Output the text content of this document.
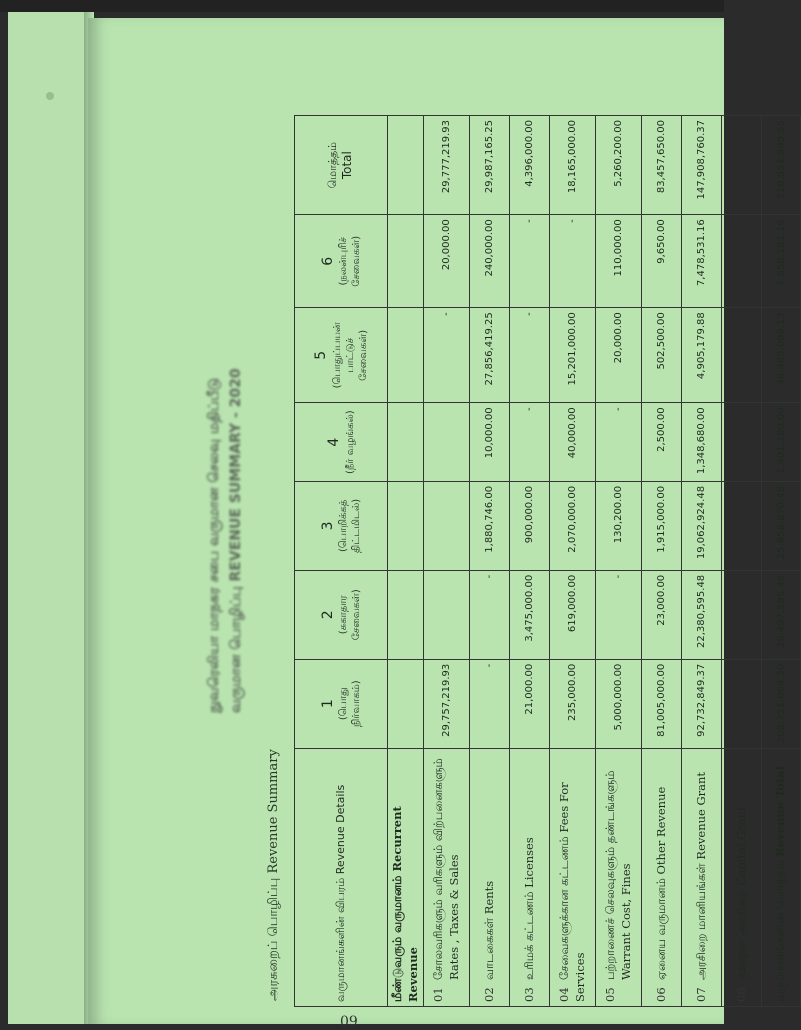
நுவரெலியா மாநகர சபை வருமான செலவு மதிப்பீடு வருமான பொழிப்பு REVENUE SUMMARY - 2020
அரசுறைப் பொழிப்பு Revenue Summary	வருமானங்களின் விபரம் Revenue Details	1 (பொது நிர்வாகம்)	2 (சுகாதார சேவைகள்)	3 (பொறிக்கத் திட்டமிடல்)	4 (நீர் வழங்கல்)	5 (பொதுப்பயன் பாட்டுச் சேவைகள்)	6 (நலன்புரிச் சேவைகள்)	மொத்தம் Total
மீண்டுவரும் வருமானம் Recurrent Revenue							
01சோலவரிகளும் வரிகளும் விற்பனைகளும் Rates , Taxes & Sales	29,757,219.93				-	20,000.00	29,777,219.93
02வாடகைகள் Rents	-	-	1,880,746.00	10,000.00	27,856,419.25	240,000.00	29,987,165.25
03உரிமக் கட்டணம் Licenses	21,000.00	3,475,000.00	900,000.00	-	-	-	4,396,000.00
04சேவைகளுக்கான கட்டணம் Fees For Services	235,000.00	619,000.00	2,070,000.00	40,000.00	15,201,000.00	-	18,165,000.00
05பற்றாணைச் செலவுகளும் தண்டங்களும் Warrant Cost, Fines	5,000,000.00	-	130,200.00	-	20,000.00	110,000.00	5,260,200.00
06ஏனைய வருமானம் Other Revenue	81,005,000.00	23,000.00	1,915,000.00	2,500.00	502,500.00	9,650.00	83,457,650.00
07அரசிறை மானியங்கள் Revenue Grant	92,732,849.37	22,380,595.48	19,062,924.48	1,348,680.00	4,905,179.88	7,478,531.16	147,908,760.37
08மூலதன அரசிறை Capital Grant							-
வருமானங்களின் மொத்தம் Revenue Total	208,751,069.30	26,497,595.48	25,958,870.48	1,401,180.00	48,485,099.13	7,858,181.16	318,951,995.55
09
